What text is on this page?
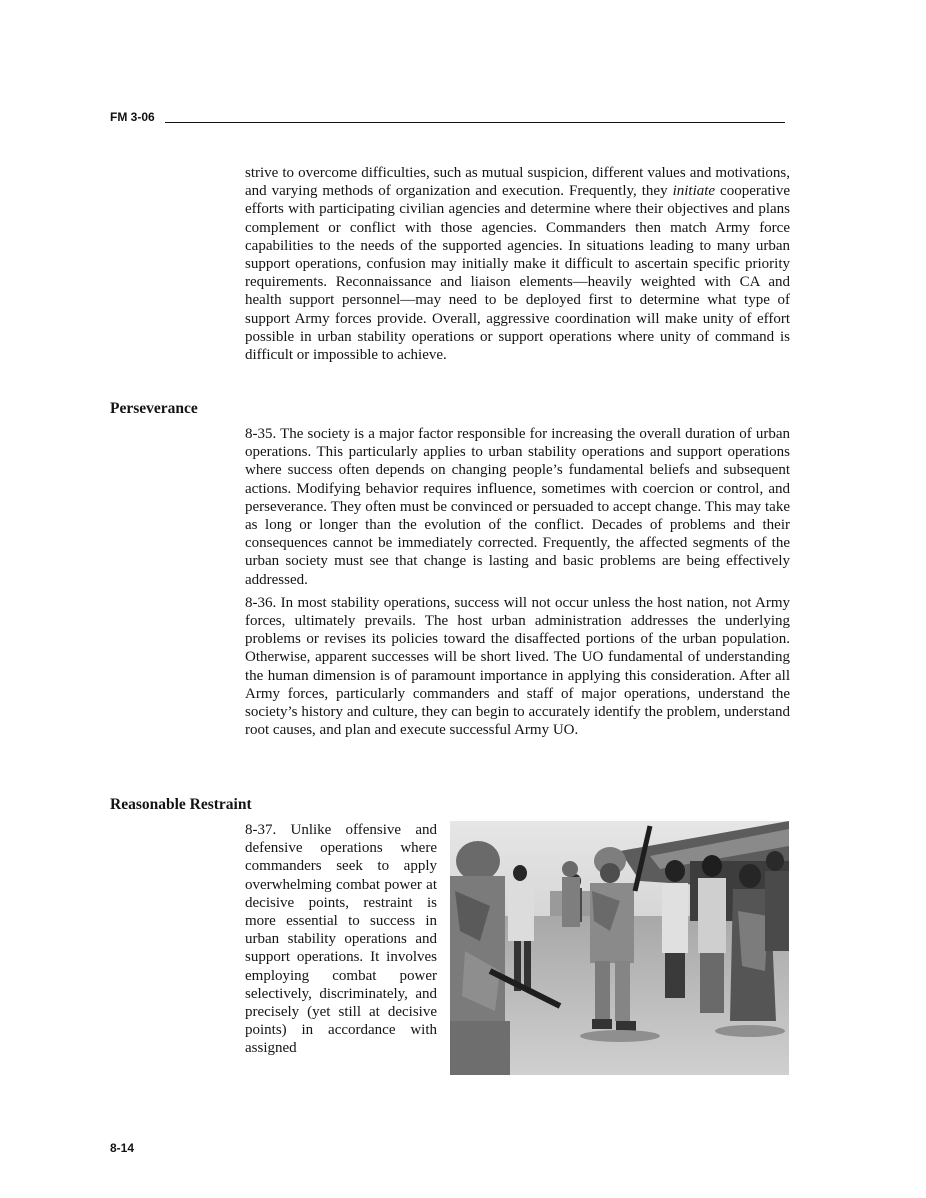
FM 3-06

strive to overcome difficulties, such as mutual suspicion, different values and motivations, and varying methods of organization and execution. Frequently, they initiate cooperative efforts with participating civilian agencies and determine where their objectives and plans complement or conflict with those agencies. Commanders then match Army force capabilities to the needs of the supported agencies. In situations leading to many urban support operations, confusion may initially make it difficult to ascertain specific priority requirements. Reconnaissance and liaison elements—heavily weighted with CA and health support personnel—may need to be deployed first to determine what type of support Army forces provide. Overall, aggressive coordination will make unity of effort possible in urban stability operations or support operations where unity of command is difficult or impossible to achieve.

Perseverance

8-35. The society is a major factor responsible for increasing the overall duration of urban operations. This particularly applies to urban stability operations and support operations where success often depends on changing people’s fundamental beliefs and subsequent actions. Modifying behavior requires influence, sometimes with coercion or control, and perseverance. They often must be convinced or persuaded to accept change. This may take as long or longer than the evolution of the conflict. Decades of problems and their consequences cannot be immediately corrected. Frequently, the affected segments of the urban society must see that change is lasting and basic problems are being effectively addressed.

8-36. In most stability operations, success will not occur unless the host nation, not Army forces, ultimately prevails. The host urban administration addresses the underlying problems or revises its policies toward the disaffected portions of the urban population. Otherwise, apparent successes will be short lived. The UO fundamental of understanding the human dimension is of paramount importance in applying this consideration. After all Army forces, particularly commanders and staff of major operations, understand the society’s history and culture, they can begin to accurately identify the problem, understand root causes, and plan and execute successful Army UO.

Reasonable Restraint

8-37. Unlike offensive and defensive operations where commanders seek to apply overwhelming combat power at decisive points, restraint is more essential to success in urban stability operations and support operations. It involves employing combat power selectively, discriminately, and precisely (yet still at decisive points) in accordance with assigned

8-14
